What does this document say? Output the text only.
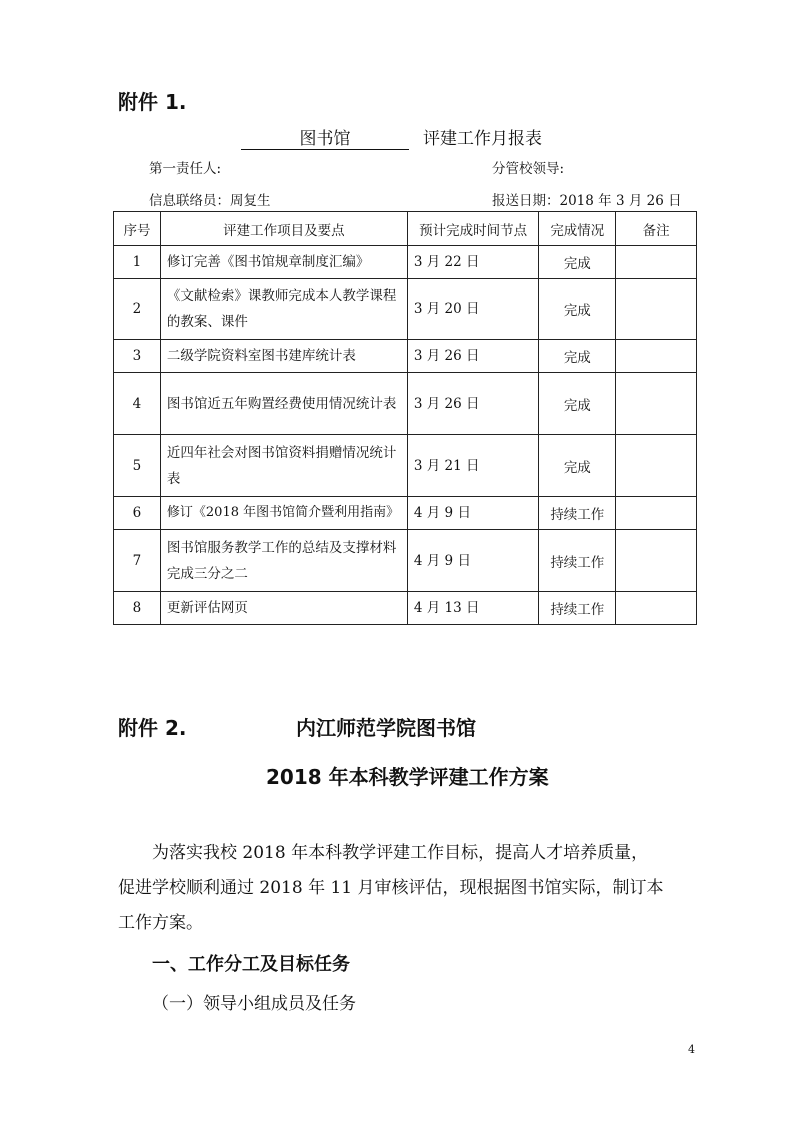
附件 1.
图书馆	评建工作月报表
第一责任人:	分管校领导:
信息联络员：周复生	报送日期：2018 年 3 月 26 日
序号	评建工作项目及要点	预计完成时间节点	完成情况	备注
1	修订完善《图书馆规章制度汇编》	3 月 22 日	完成	
2	《文献检索》课教师完成本人教学课程的教案、课件	3 月 20 日	完成	
3	二级学院资料室图书建库统计表	3 月 26 日	完成	
4	图书馆近五年购置经费使用情况统计表	3 月 26 日	完成	
5	近四年社会对图书馆资料捐赠情况统计表	3 月 21 日	完成	
6	修订《2018 年图书馆简介暨利用指南》	4 月 9 日	持续工作	
7	图书馆服务教学工作的总结及支撑材料完成三分之二	4 月 9 日	持续工作	
8	更新评估网页	4 月 13 日	持续工作	
附件 2.	内江师范学院图书馆
2018 年本科教学评建工作方案
为落实我校 2018 年本科教学评建工作目标，提高人才培养质量，
促进学校顺利通过 2018 年 11 月审核评估，现根据图书馆实际，制订本
工作方案。
一、工作分工及目标任务
（一）领导小组成员及任务
4
